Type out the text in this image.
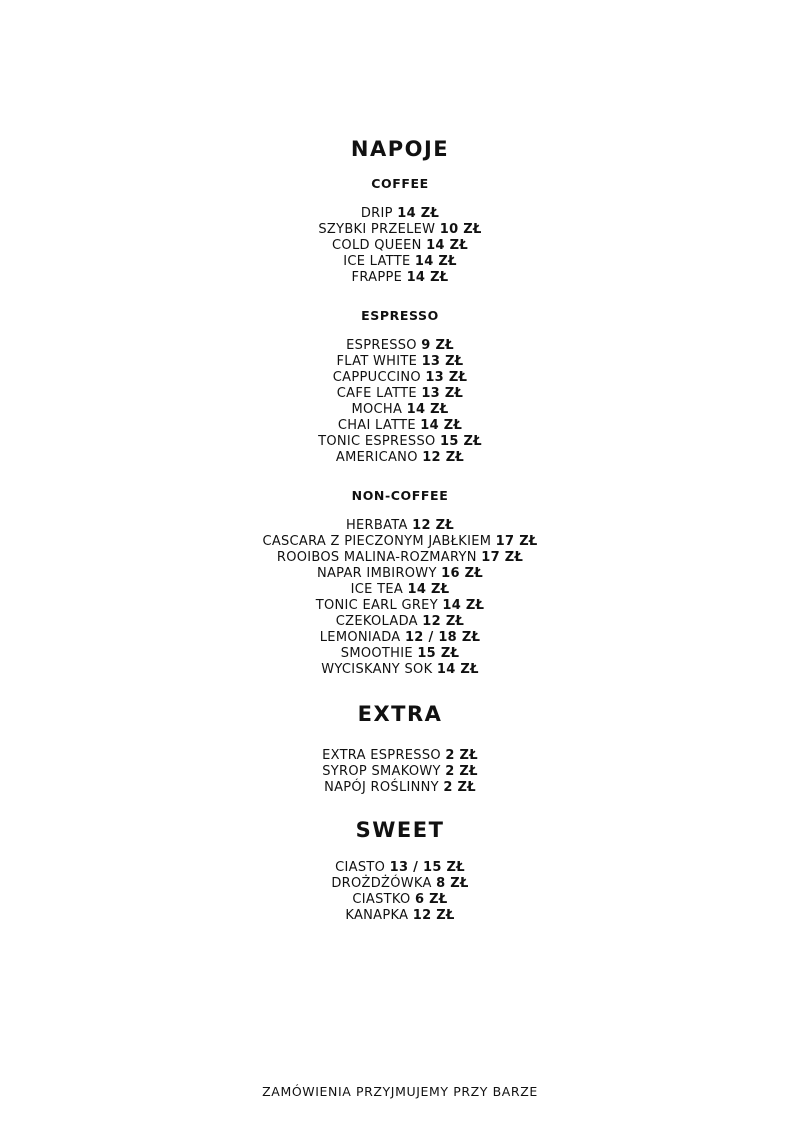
NAPOJE
COFFEE
DRIP 14 ZŁ
SZYBKI PRZELEW 10 ZŁ
COLD QUEEN 14 ZŁ
ICE LATTE 14 ZŁ
FRAPPE 14 ZŁ
ESPRESSO
ESPRESSO 9 ZŁ
FLAT WHITE 13 ZŁ
CAPPUCCINO 13 ZŁ
CAFE LATTE 13 ZŁ
MOCHA 14 ZŁ
CHAI LATTE 14 ZŁ
TONIC ESPRESSO 15 ZŁ
AMERICANO 12 ZŁ
NON-COFFEE
HERBATA 12 ZŁ
CASCARA Z PIECZONYM JABŁKIEM 17 ZŁ
ROOIBOS MALINA-ROZMARYN 17 ZŁ
NAPAR IMBIROWY 16 ZŁ
ICE TEA 14 ZŁ
TONIC EARL GREY 14 ZŁ
CZEKOLADA 12 ZŁ
LEMONIADA 12 / 18 ZŁ
SMOOTHIE 15 ZŁ
WYCISKANY SOK 14 ZŁ
EXTRA
EXTRA ESPRESSO 2 ZŁ
SYROP SMAKOWY 2 ZŁ
NAPÓJ ROŚLINNY 2 ZŁ
SWEET
CIASTO 13 / 15 ZŁ
DROŻDŻÓWKA 8 ZŁ
CIASTKO 6 ZŁ
KANAPKA 12 ZŁ
ZAMÓWIENIA PRZYJMUJEMY PRZY BARZE
